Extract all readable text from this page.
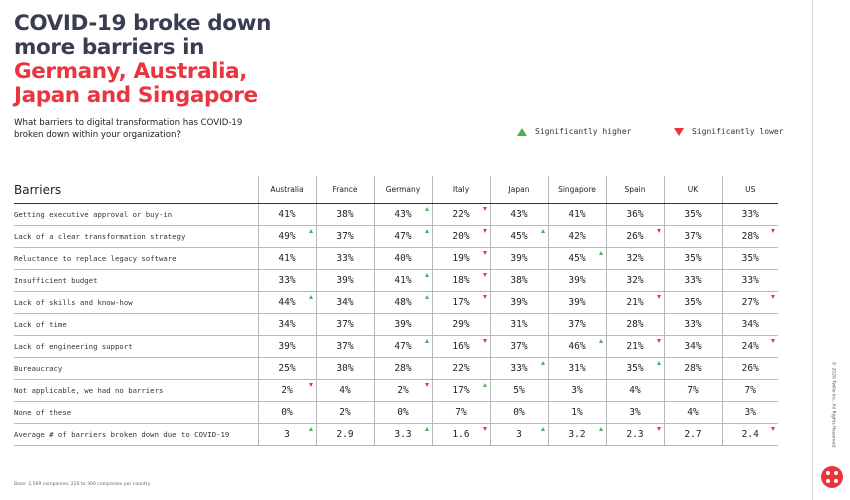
COVID-19 broke down
more barriers in
Germany, Australia,
Japan and Singapore
What barriers to digital transformation has COVID-19 broken down within your organization?	Significantly higher	Significantly lower
Barriers	Australia	France	Germany	Italy	Japan	Singapore	Spain	UK	US
Getting executive approval or buy-in	41%	38%	43%	22%	43%	41%	36%	35%	33%
Lack of a clear transformation strategy	49%	37%	47%	20%	45%	42%	26%	37%	28%

Reluctance to replace legacy software	41%	33%	40%	19%	39%	45%	32%	35%	35%
Insufficient budget	33%	39%	41%	18%	38%	39%	32%	33%	33%
Lack of skills and know-how	44%	34%	48%	17%	39%	39%	21%	35%	27%

Lack of time	34%	37%	39%	29%	31%	37%	28%	33%	34%
Lack of engineering support	39%	37%	47%	16%	37%	46%	21%	34%	24%

Bureaucracy	25%	30%	28%	22%	33%	31%	35%	28%	26%
Not applicable, we had no barriers	2%	4%	2%	17%	5%	3%	4%	7%	7%
None of these	0%	2%	0%	7%	0%	1%	3%	4%	3%
Average # of barriers broken down due to COVID-19	3	2.9	3.3	1.6	3	3.2	2.3	2.7	2.4
Base: 2,569 companies; 220 to 300 companies per country
© 2020 Twilio Inc. All Rights Reserved.
